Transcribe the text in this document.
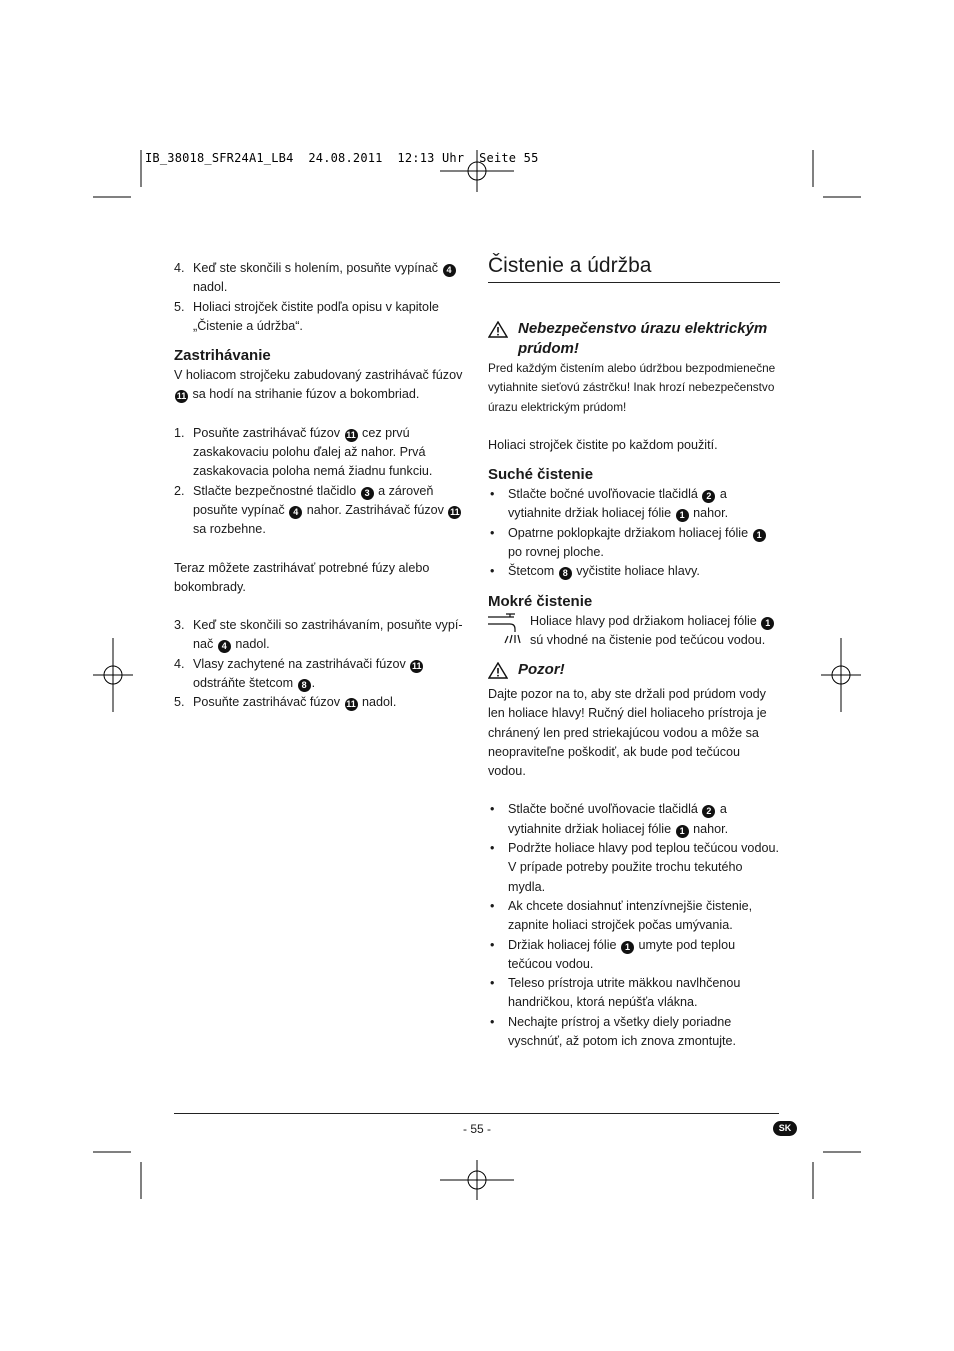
IB_38018_SFR24A1_LB4  24.08.2011  12:13 Uhr  Seite 55
4. Keď ste skončili s holením, posuňte vypínač 4
nadol.
5. Holiaci strojček čistite podľa opisu v kapitole „Čistenie a údržba“.
Zastrihávanie
V holiacom strojčeku zabudovaný zastrihávač fúzov 11 sa hodí na strihanie fúzov a bokombriad.
1. Posuňte zastrihávač fúzov 11 cez prvú zaskakovaciu polohu ďalej až nahor. Prvá zaskakovacia poloha nemá žiadnu funkciu.
2. Stlačte bezpečnostné tlačidlo 3 a zároveň posuňte vypínač 4 nahor. Zastrihávač fúzov 11 sa rozbehne.
Teraz môžete zastrihávať potrebné fúzy alebo bokombrady.
3. Keď ste skončili so zastrihávaním, posuňte vypí-nač 4 nadol.
4. Vlasy zachytené na zastrihávači fúzov 11 odstráňte štetcom 8 .
5. Posuňte zastrihávač fúzov 11 nadol.
Čistenie a údržba
Nebezpečenstvo úrazu elektrickým prúdom!
Pred každým čistením alebo údržbou bezpodmienečne vytiahnite sieťovú zástrčku! Inak hrozí nebezpečenstvo úrazu elektrickým prúdom!
Holiaci strojček čistite po každom použití.
Suché čistenie
•	Stlačte bočné uvoľňovacie tlačidlá 2 a vytiahnite držiak holiacej fólie 1 nahor.
•	Opatrne poklopkajte držiakom holiacej fólie 1 po rovnej ploche.
•	Štetcom 8 vyčistite holiace hlavy.
Mokré čistenie
Holiace hlavy pod držiakom holiacej fólie 1 sú vhodné na čistenie pod tečúcou vodou.
Pozor!
Dajte pozor na to, aby ste držali pod prúdom vody len holiace hlavy! Ručný diel holiaceho prístroja je chránený len pred striekajúcou vodou a môže sa neopraviteľne poškodiť, ak bude pod tečúcou vodou.
•	Stlačte bočné uvoľňovacie tlačidlá 2 a vytiahnite držiak holiacej fólie 1 nahor.
•	Podržte holiace hlavy pod teplou tečúcou vodou. V prípade potreby použite trochu tekutého mydla.
•	Ak chcete dosiahnuť intenzívnejšie čistenie, zapnite holiaci strojček počas umývania.
•	Držiak holiacej fólie 1 umyte pod teplou tečúcou vodou.
•	Teleso prístroja utrite mäkkou navlhčenou handričkou, ktorá nepúšťa vlákna.
•	Nechajte prístroj a všetky diely poriadne vyschnúť, až potom ich znova zmontujte.
- 55 -	SK
